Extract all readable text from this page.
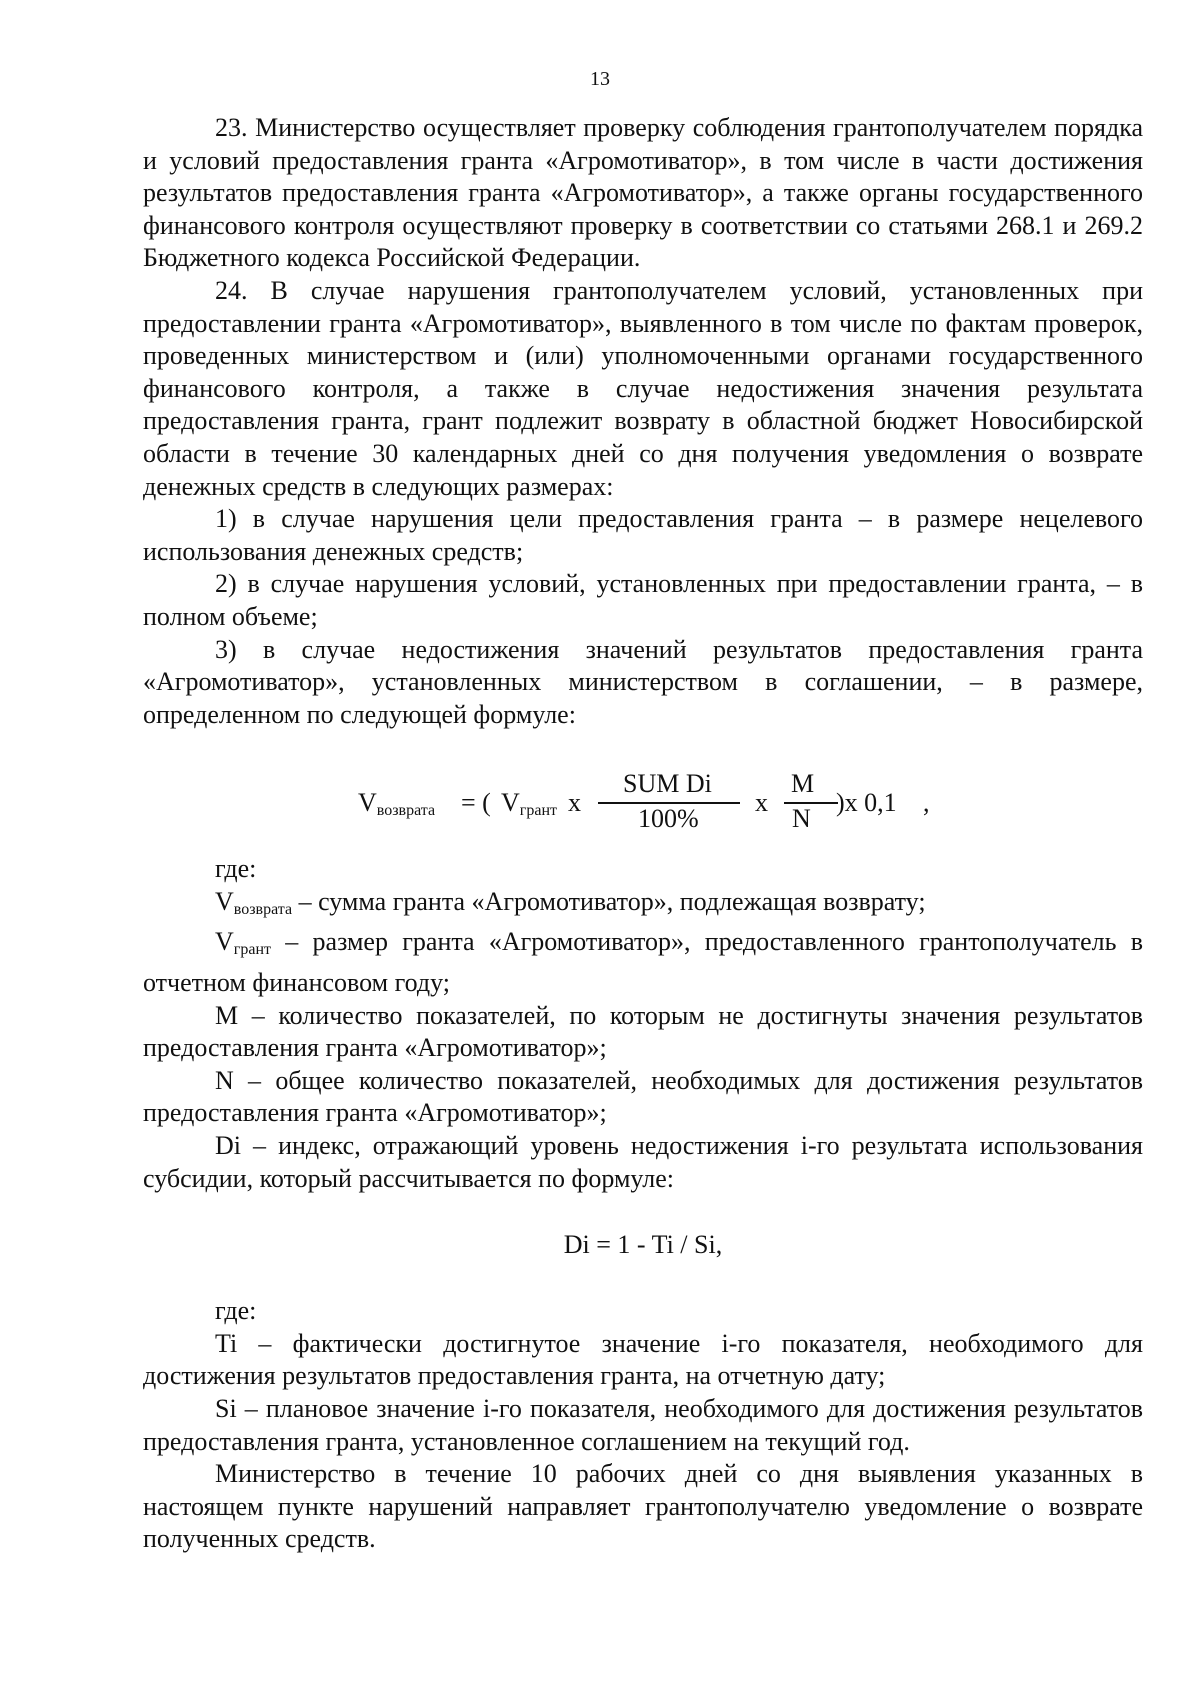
13

23. Министерство осуществляет проверку соблюдения грантополучателем порядка и условий предоставления гранта «Агромотиватор», в том числе в части достижения результатов предоставления гранта «Агромотиватор», а также органы государственного финансового контроля осуществляют проверку в соответствии со статьями 268.1 и 269.2 Бюджетного кодекса Российской Федерации.

24. В случае нарушения грантополучателем условий, установленных при предоставлении гранта «Агромотиватор», выявленного в том числе по фактам проверок, проведенных министерством и (или) уполномоченными органами государственного финансового контроля, а также в случае недостижения значения результата предоставления гранта, грант подлежит возврату в областной бюджет Новосибирской области в течение 30 календарных дней со дня получения уведомления о возврате денежных средств в следующих размерах:

1) в случае нарушения цели предоставления гранта – в размере нецелевого использования денежных средств;

2) в случае нарушения условий, установленных при предоставлении гранта, – в полном объеме;

3) в случае недостижения значений результатов предоставления гранта «Агромотиватор», установленных министерством в соглашении, – в размере, определенном по следующей формуле:

$V_{возврата}$ = ( $V_{грант}$ х
SUM Di
100%
х
M
N
)х 0,1 ,

где:

$V_{возврата}$ – сумма гранта «Агромотиватор», подлежащая возврату;

$V_{грант}$ – размер гранта «Агромотиватор», предоставленного грантополучатель в отчетном финансовом году;

M – количество показателей, по которым не достигнуты значения результатов предоставления гранта «Агромотиватор»;

N – общее количество показателей, необходимых для достижения результатов предоставления гранта «Агромотиватор»;

Di – индекс, отражающий уровень недостижения i-го результата использования субсидии, который рассчитывается по формуле:

Di = 1 - Ti / Si,

где:

Ti – фактически достигнутое значение i-го показателя, необходимого для достижения результатов предоставления гранта, на отчетную дату;

Si – плановое значение i-го показателя, необходимого для достижения результатов предоставления гранта, установленное соглашением на текущий год.

Министерство в течение 10 рабочих дней со дня выявления указанных в настоящем пункте нарушений направляет грантополучателю уведомление о возврате полученных средств.
